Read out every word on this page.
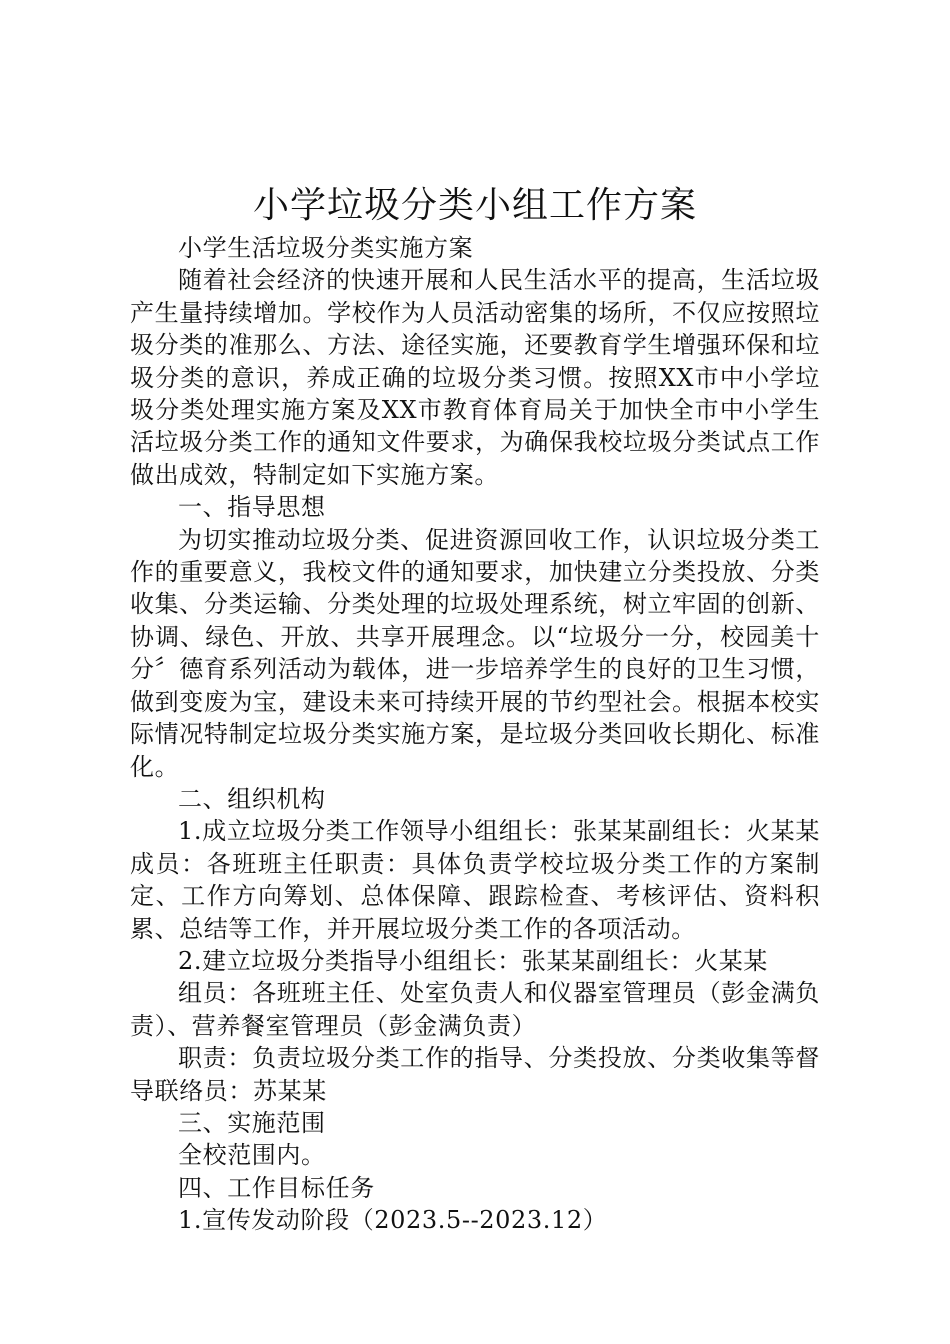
小学垃圾分类小组工作方案

小学生活垃圾分类实施方案

随着社会经济的快速开展和人民生活水平的提高，生活垃圾产生量持续增加。学校作为人员活动密集的场所，不仅应按照垃圾分类的准那么、方法、途径实施，还要教育学生增强环保和垃圾分类的意识，养成正确的垃圾分类习惯。按照XX市中小学垃圾分类处理实施方案及XX市教育体育局关于加快全市中小学生活垃圾分类工作的通知文件要求，为确保我校垃圾分类试点工作做出成效，特制定如下实施方案。

一、指导思想

为切实推动垃圾分类、促进资源回收工作，认识垃圾分类工作的重要意义，我校文件的通知要求，加快建立分类投放、分类收集、分类运输、分类处理的垃圾处理系统，树立牢固的创新、协调、绿色、开放、共享开展理念。以“垃圾分一分，校园美十分〞德育系列活动为载体，进一步培养学生的良好的卫生习惯，做到变废为宝，建设未来可持续开展的节约型社会。根据本校实际情况特制定垃圾分类实施方案，是垃圾分类回收长期化、标准化。

二、组织机构

1.成立垃圾分类工作领导小组组长：张某某副组长：火某某成员：各班班主任职责：具体负责学校垃圾分类工作的方案制定、工作方向筹划、总体保障、跟踪检查、考核评估、资料积累、总结等工作，并开展垃圾分类工作的各项活动。

2.建立垃圾分类指导小组组长：张某某副组长：火某某

组员：各班班主任、处室负责人和仪器室管理员（彭金满负责）、营养餐室管理员（彭金满负责）

职责：负责垃圾分类工作的指导、分类投放、分类收集等督导联络员：苏某某

三、实施范围

全校范围内。

四、工作目标任务

1.宣传发动阶段（2023.5--2023.12）
